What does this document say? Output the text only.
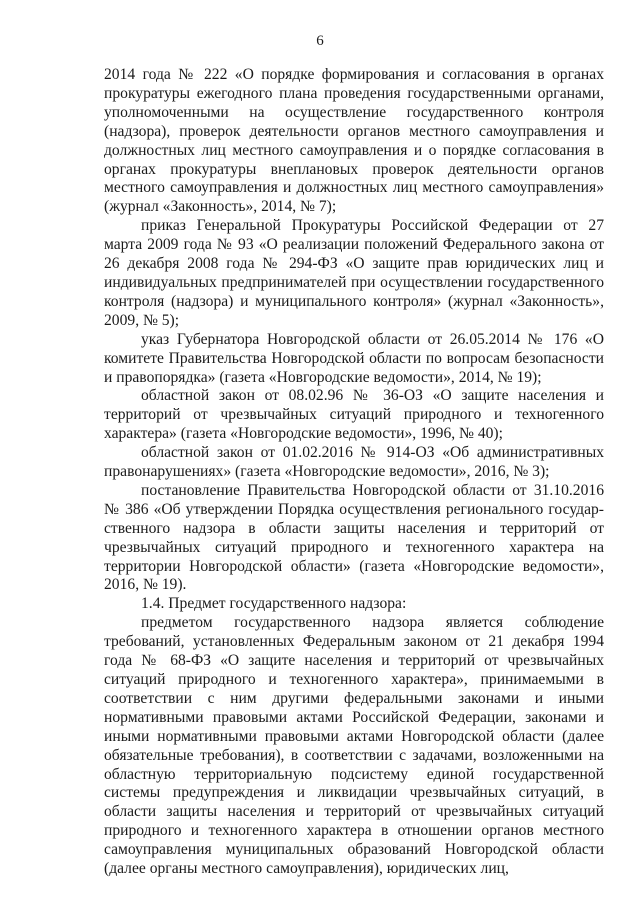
6

2014 года № 222 «О порядке формирования и согласования в органах прокуратуры ежегодного плана проведения государственными органами, уполномоченными на осуществление государственного контроля (надзора), проверок деятельности органов местного самоуправления и должностных лиц местного самоуправления и о порядке согласования в органах прокуратуры внеплановых проверок деятельности органов местного самоуправления и должностных лиц местного самоуправления» (журнал «Законность», 2014, № 7);

приказ Генеральной Прокуратуры Российской Федерации от 27 марта 2009 года № 93 «О реализации положений Федерального закона от 26 декабря 2008 года № 294-ФЗ «О защите прав юридических лиц и индивидуальных предпринимателей при осуществлении государственного контроля (надзора) и муниципального контроля» (журнал «Законность», 2009, № 5);

указ Губернатора Новгородской области от 26.05.2014 № 176 «О комитете Правительства Новгородской области по вопросам безопасности и правопорядка» (газета «Новгородские ведомости», 2014, № 19);

областной закон от 08.02.96 № 36-ОЗ «О защите населения и территорий от чрезвычайных ситуаций природного и техногенного характера» (газета «Новгородские ведомости», 1996, № 40);

областной закон от 01.02.2016 № 914-ОЗ «Об административных правонарушениях» (газета «Новгородские ведомости», 2016, № 3);

постановление Правительства Новгородской области от 31.10.2016 № 386 «Об утверждении Порядка осуществления регионального государственного надзора в области защиты населения и территорий от чрезвычайных ситуаций природного и техногенного характера на территории Новгородской области» (газета «Новгородские ведомости», 2016, № 19).

1.4. Предмет государственного надзора:

предметом государственного надзора является соблюдение требований, установленных Федеральным законом от 21 декабря 1994 года № 68-ФЗ «О защите населения и территорий от чрезвычайных ситуаций природного и техногенного характера», принимаемыми в соответствии с ним другими федеральными законами и иными нормативными правовыми актами Российской Федерации, законами и иными нормативными правовыми актами Новгородской области (далее обязательные требования), в соответствии с задачами, возложенными на областную территориальную подсистему единой государственной системы предупреждения и ликвидации чрезвычайных ситуаций, в области защиты населения и территорий от чрезвычайных ситуаций природного и техногенного характера в отношении органов местного самоуправления муниципальных образований Новгородской области (далее органы местного самоуправления), юридических лиц,
